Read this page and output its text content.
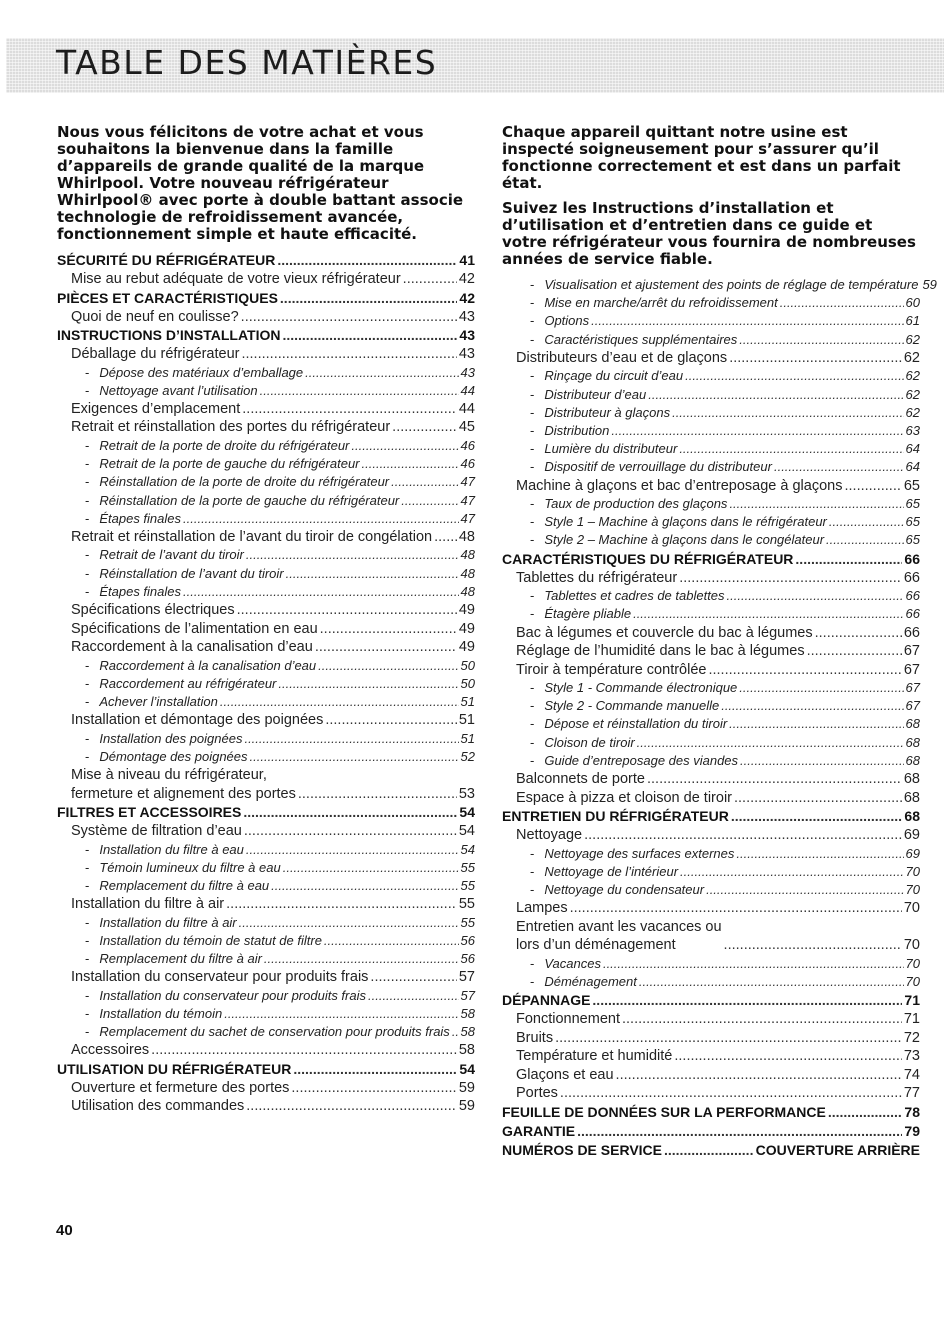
TABLE DES MATIÈRES

Nous vous félicitons de votre achat et vous souhaitons la bienvenue dans la famille d’appareils de grande qualité de la marque Whirlpool. Votre nouveau réfrigérateur Whirlpool® avec porte à double battant associe technologie de refroidissement avancée, fonctionnement simple et haute efficacité.

SÉCURITÉ DU RÉFRIGÉRATEUR .....	41
Mise au rebut adéquate de votre vieux réfrigérateur .....	42
PIÈCES ET CARACTÉRISTIQUES .....	42
Quoi de neuf en coulisse? .....	43
INSTRUCTIONS D’INSTALLATION .....	43
Déballage du réfrigérateur .....	43
- Dépose des matériaux d’emballage .....	43
- Nettoyage avant l’utilisation .....	44
Exigences d’emplacement .....	44
Retrait et réinstallation des portes du réfrigérateur .....	45
- Retrait de la porte de droite du réfrigérateur .....	46
- Retrait de la porte de gauche du réfrigérateur .....	46
- Réinstallation de la porte de droite du réfrigérateur .....	47
- Réinstallation de la porte de gauche du réfrigérateur .....	47
- Étapes finales .....	47
Retrait et réinstallation de l’avant du tiroir de congélation ..... 48
- Retrait de l’avant du tiroir .....	48
- Réinstallation de l’avant du tiroir .....	48
- Étapes finales .....	48
Spécifications électriques .....	49
Spécifications de l’alimentation en eau .....	49
Raccordement à la canalisation d’eau .....	49
- Raccordement à la canalisation d’eau .....	50
- Raccordement au réfrigérateur .....	50
- Achever l’installation .....	51
Installation et démontage des poignées .....	51
- Installation des poignées .....	51
- Démontage des poignées .....	52
Mise à niveau du réfrigérateur,
fermeture et alignement des portes .....	53
FILTRES ET ACCESSOIRES .....	54
Système de filtration d’eau .....	54
- Installation du filtre à eau .....	54
- Témoin lumineux du filtre à eau .....	55
- Remplacement du filtre à eau .....	55
Installation du filtre à air .....	55
- Installation du filtre à air .....	55
- Installation du témoin de statut de filtre .....	56
- Remplacement du filtre à air .....	56
Installation du conservateur pour produits frais .....	57
- Installation du conservateur pour produits frais .....	57
- Installation du témoin .....	58
- Remplacement du sachet de conservation pour produits frais ..... 58
Accessoires .....	58
UTILISATION DU RÉFRIGÉRATEUR .....	54
Ouverture et fermeture des portes .....	59
Utilisation des commandes .....	59

Chaque appareil quittant notre usine est inspecté soigneusement pour s’assurer qu’il fonctionne correctement et est dans un parfait état.

Suivez les Instructions d’installation et d’utilisation et d’entretien dans ce guide et votre réfrigérateur vous fournira de nombreuses années de service fiable.

- Visualisation et ajustement des points de réglage de température 59
- Mise en marche/arrêt du refroidissement .....	60
- Options .....	61
- Caractéristiques supplémentaires .....	62
Distributeurs d’eau et de glaçons .....	62
- Rinçage du circuit d’eau .....	62
- Distributeur d’eau .....	62
- Distributeur à glaçons .....	62
- Distribution .....	63
- Lumière du distributeur .....	64
- Dispositif de verrouillage du distributeur .....	64
Machine à glaçons et bac d’entreposage à glaçons .....	65
- Taux de production des glaçons .....	65
- Style 1 – Machine à glaçons dans le réfrigérateur .....	65
- Style 2 – Machine à glaçons dans le congélateur .....	65
CARACTÉRISTIQUES DU RÉFRIGÉRATEUR .....	66
Tablettes du réfrigérateur .....	66
- Tablettes et cadres de tablettes .....	66
- Étagère pliable .....	66
Bac à légumes et couvercle du bac à légumes .....	66
Réglage de l’humidité dans le bac à légumes .....	67
Tiroir à température contrôlée .....	67
- Style 1 - Commande électronique .....	67
- Style 2 - Commande manuelle .....	67
- Dépose et réinstallation du tiroir .....	68
- Cloison de tiroir .....	68
- Guide d’entreposage des viandes .....	68
Balconnets de porte .....	68
Espace à pizza et cloison de tiroir .....	68
ENTRETIEN DU RÉFRIGÉRATEUR .....	68
Nettoyage .....	69
- Nettoyage des surfaces externes .....	69
- Nettoyage de l’intérieur .....	70
- Nettoyage du condensateur .....	70
Lampes .....	70
Entretien avant les vacances ou
lors d’un déménagement .....	70
- Vacances .....	70
- Déménagement .....	70
DÉPANNAGE .....	71
Fonctionnement .....	71
Bruits .....	72
Température et humidité .....	73
Glaçons et eau .....	74
Portes .....	77
FEUILLE DE DONNÉES SUR LA PERFORMANCE .....	78
GARANTIE .....	79
NUMÉROS DE SERVICE .....	COUVERTURE ARRIÈRE
40
